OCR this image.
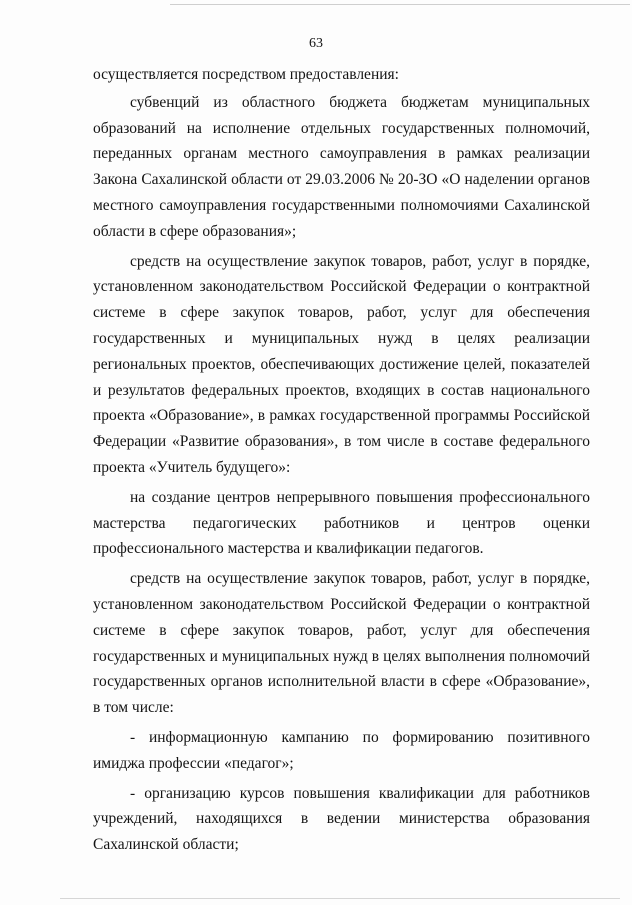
63

осуществляется посредством предоставления:

субвенций из областного бюджета бюджетам муниципальных образований на исполнение отдельных государственных полномочий, переданных органам местного самоуправления в рамках реализации Закона Сахалинской области от 29.03.2006 № 20-ЗО «О наделении органов местного самоуправления государственными полномочиями Сахалинской области в сфере образования»;

средств на осуществление закупок товаров, работ, услуг в порядке, установленном законодательством Российской Федерации о контрактной системе в сфере закупок товаров, работ, услуг для обеспечения государственных и муниципальных нужд в целях реализации региональных проектов, обеспечивающих достижение целей, показателей и результатов федеральных проектов, входящих в состав национального проекта «Образование», в рамках государственной программы Российской Федерации «Развитие образования», в том числе в составе федерального проекта «Учитель будущего»:

на создание центров непрерывного повышения профессионального мастерства педагогических работников и центров оценки профессионального мастерства и квалификации педагогов.

средств на осуществление закупок товаров, работ, услуг в порядке, установленном законодательством Российской Федерации о контрактной системе в сфере закупок товаров, работ, услуг для обеспечения государственных и муниципальных нужд в целях выполнения полномочий государственных органов исполнительной власти в сфере «Образование», в том числе:

- информационную кампанию по формированию позитивного имиджа профессии «педагог»;

- организацию курсов повышения квалификации для работников учреждений, находящихся в ведении министерства образования Сахалинской области;
